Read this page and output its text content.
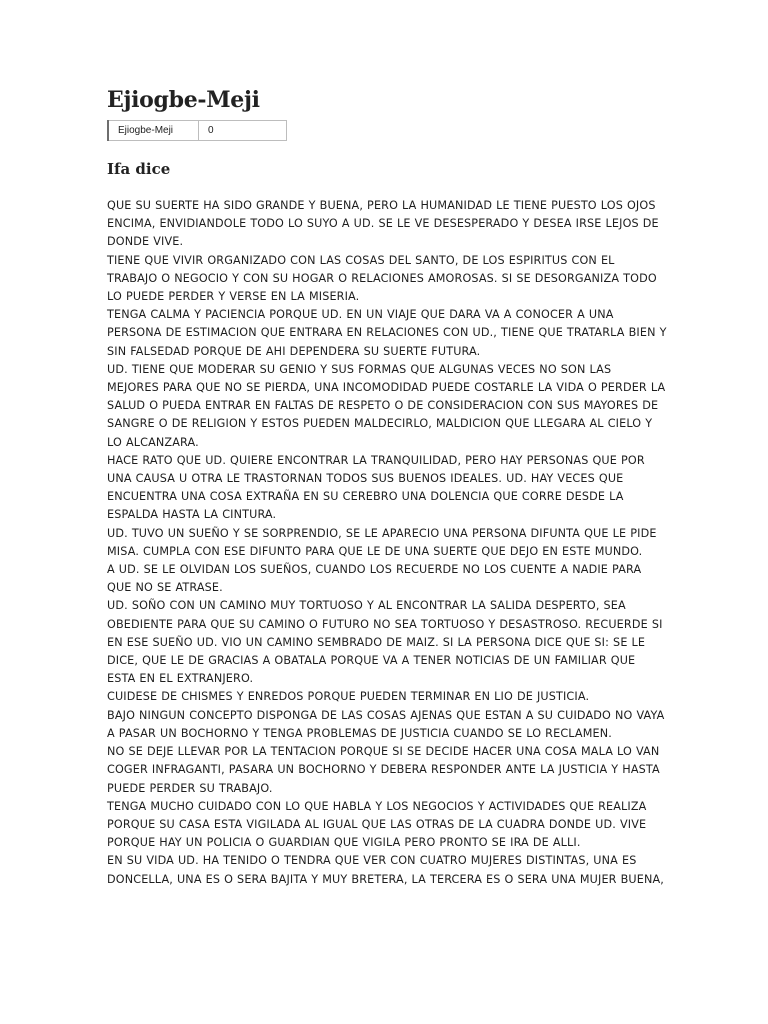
Ejiogbe-Meji
Ejiogbe-Meji	0
Ifa dice

QUE SU SUERTE HA SIDO GRANDE Y BUENA, PERO LA HUMANIDAD LE TIENE PUESTO LOS OJOS ENCIMA, ENVIDIANDOLE TODO LO SUYO A UD. SE LE VE DESESPERADO Y DESEA IRSE LEJOS DE DONDE VIVE.

TIENE QUE VIVIR ORGANIZADO CON LAS COSAS DEL SANTO, DE LOS ESPIRITUS CON EL TRABAJO O NEGOCIO Y CON SU HOGAR O RELACIONES AMOROSAS. SI SE DESORGANIZA TODO LO PUEDE PERDER Y VERSE EN LA MISERIA.

TENGA CALMA Y PACIENCIA PORQUE UD. EN UN VIAJE QUE DARA VA A CONOCER A UNA PERSONA DE ESTIMACION QUE ENTRARA EN RELACIONES CON UD., TIENE QUE TRATARLA BIEN Y SIN FALSEDAD PORQUE DE AHI DEPENDERA SU SUERTE FUTURA.

UD. TIENE QUE MODERAR SU GENIO Y SUS FORMAS QUE ALGUNAS VECES NO SON LAS MEJORES PARA QUE NO SE PIERDA, UNA INCOMODIDAD PUEDE COSTARLE LA VIDA O PERDER LA SALUD O PUEDA ENTRAR EN FALTAS DE RESPETO O DE CONSIDERACION CON SUS MAYORES DE SANGRE O DE RELIGION Y ESTOS PUEDEN MALDECIRLO, MALDICION QUE LLEGARA AL CIELO Y LO ALCANZARA.

HACE RATO QUE UD. QUIERE ENCONTRAR LA TRANQUILIDAD, PERO HAY PERSONAS QUE POR UNA CAUSA U OTRA LE TRASTORNAN TODOS SUS BUENOS IDEALES. UD. HAY VECES QUE ENCUENTRA UNA COSA EXTRAÑA EN SU CEREBRO UNA DOLENCIA QUE CORRE DESDE LA ESPALDA HASTA LA CINTURA.

UD. TUVO UN SUEÑO Y SE SORPRENDIO, SE LE APARECIO UNA PERSONA DIFUNTA QUE LE PIDE MISA. CUMPLA CON ESE DIFUNTO PARA QUE LE DE UNA SUERTE QUE DEJO EN ESTE MUNDO.

A UD. SE LE OLVIDAN LOS SUEÑOS, CUANDO LOS RECUERDE NO LOS CUENTE A NADIE PARA QUE NO SE ATRASE.

UD. SOÑO CON UN CAMINO MUY TORTUOSO Y AL ENCONTRAR LA SALIDA DESPERTO, SEA OBEDIENTE PARA QUE SU CAMINO O FUTURO NO SEA TORTUOSO Y DESASTROSO. RECUERDE SI EN ESE SUEÑO UD. VIO UN CAMINO SEMBRADO DE MAIZ. SI LA PERSONA DICE QUE SI: SE LE DICE, QUE LE DE GRACIAS A OBATALA PORQUE VA A TENER NOTICIAS DE UN FAMILIAR QUE ESTA EN EL EXTRANJERO.

CUIDESE DE CHISMES Y ENREDOS PORQUE PUEDEN TERMINAR EN LIO DE JUSTICIA.

BAJO NINGUN CONCEPTO DISPONGA DE LAS COSAS AJENAS QUE ESTAN A SU CUIDADO NO VAYA A PASAR UN BOCHORNO Y TENGA PROBLEMAS DE JUSTICIA CUANDO SE LO RECLAMEN.

NO SE DEJE LLEVAR POR LA TENTACION PORQUE SI SE DECIDE HACER UNA COSA MALA LO VAN COGER INFRAGANTI, PASARA UN BOCHORNO Y DEBERA RESPONDER ANTE LA JUSTICIA Y HASTA PUEDE PERDER SU TRABAJO.

TENGA MUCHO CUIDADO CON LO QUE HABLA Y LOS NEGOCIOS Y ACTIVIDADES QUE REALIZA PORQUE SU CASA ESTA VIGILADA AL IGUAL QUE LAS OTRAS DE LA CUADRA DONDE UD. VIVE PORQUE HAY UN POLICIA O GUARDIAN QUE VIGILA PERO PRONTO SE IRA DE ALLI.

EN SU VIDA UD. HA TENIDO O TENDRA QUE VER CON CUATRO MUJERES DISTINTAS, UNA ES DONCELLA, UNA ES O SERA BAJITA Y MUY BRETERA, LA TERCERA ES O SERA UNA MUJER BUENA,
